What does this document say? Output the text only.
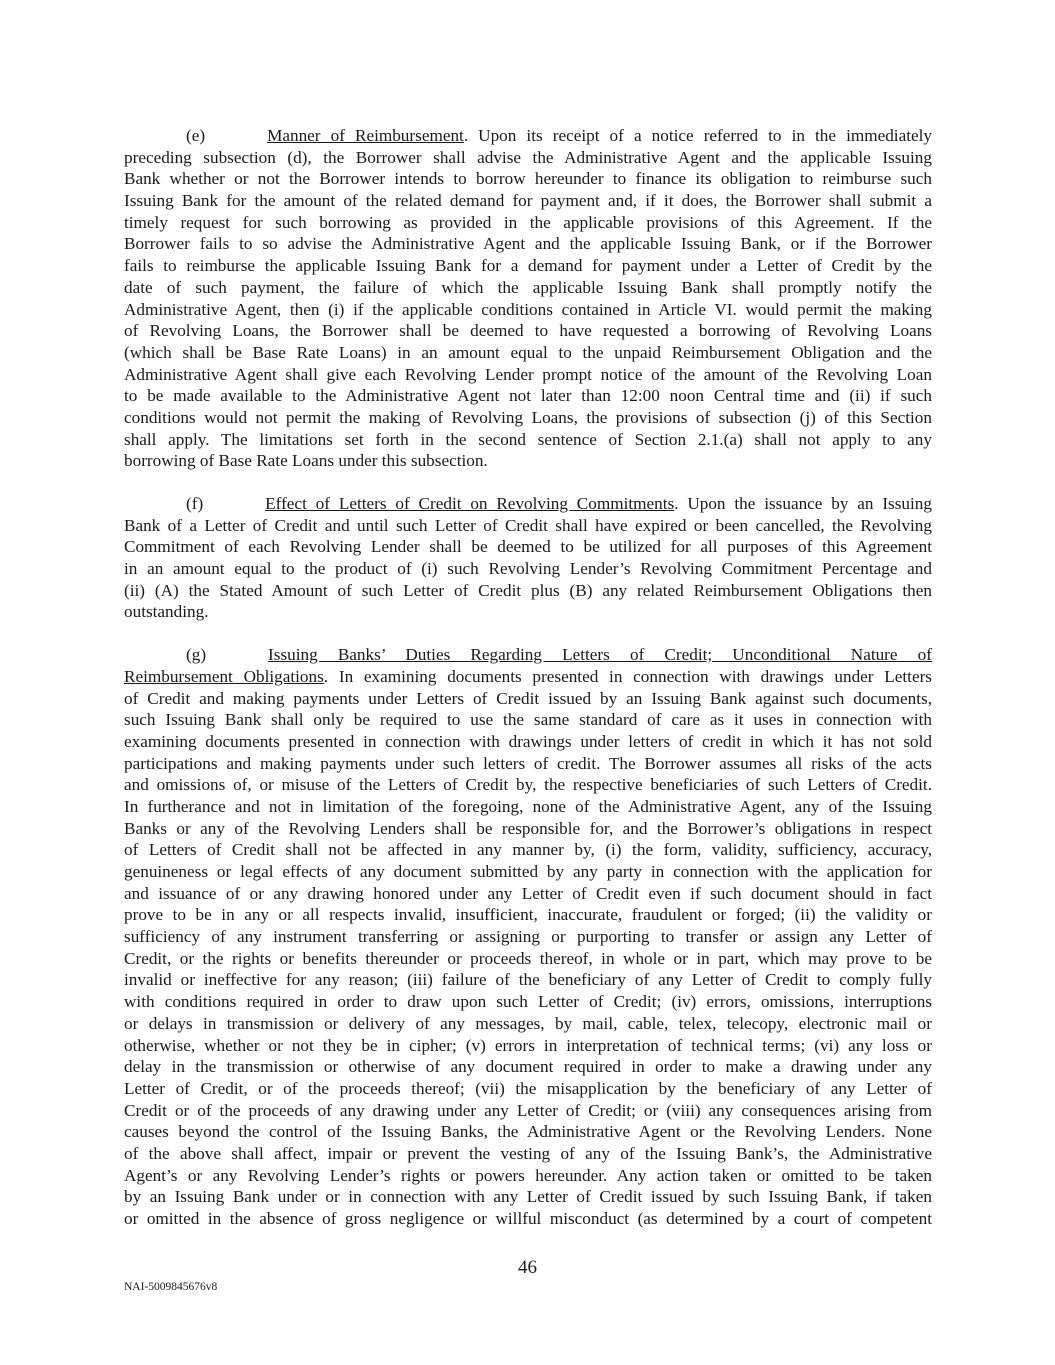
(e)	Manner of Reimbursement. Upon its receipt of a notice referred to in the immediately
preceding subsection (d), the Borrower shall advise the Administrative Agent and the applicable Issuing
Bank whether or not the Borrower intends to borrow hereunder to finance its obligation to reimburse such
Issuing Bank for the amount of the related demand for payment and, if it does, the Borrower shall submit a
timely request for such borrowing as provided in the applicable provisions of this Agreement. If the
Borrower fails to so advise the Administrative Agent and the applicable Issuing Bank, or if the Borrower
fails to reimburse the applicable Issuing Bank for a demand for payment under a Letter of Credit by the
date of such payment, the failure of which the applicable Issuing Bank shall promptly notify the
Administrative Agent, then (i) if the applicable conditions contained in Article VI. would permit the making
of Revolving Loans, the Borrower shall be deemed to have requested a borrowing of Revolving Loans
(which shall be Base Rate Loans) in an amount equal to the unpaid Reimbursement Obligation and the
Administrative Agent shall give each Revolving Lender prompt notice of the amount of the Revolving Loan
to be made available to the Administrative Agent not later than 12:00 noon Central time and (ii) if such
conditions would not permit the making of Revolving Loans, the provisions of subsection (j) of this Section
shall apply. The limitations set forth in the second sentence of Section 2.1.(a) shall not apply to any
borrowing of Base Rate Loans under this subsection.
(f)	Effect of Letters of Credit on Revolving Commitments. Upon the issuance by an Issuing
Bank of a Letter of Credit and until such Letter of Credit shall have expired or been cancelled, the Revolving
Commitment of each Revolving Lender shall be deemed to be utilized for all purposes of this Agreement
in an amount equal to the product of (i) such Revolving Lender’s Revolving Commitment Percentage and
(ii) (A) the Stated Amount of such Letter of Credit plus (B) any related Reimbursement Obligations then
outstanding.
(g)	Issuing Banks’ Duties Regarding Letters of Credit; Unconditional Nature of
Reimbursement Obligations. In examining documents presented in connection with drawings under Letters
of Credit and making payments under Letters of Credit issued by an Issuing Bank against such documents,
such Issuing Bank shall only be required to use the same standard of care as it uses in connection with
examining documents presented in connection with drawings under letters of credit in which it has not sold
participations and making payments under such letters of credit. The Borrower assumes all risks of the acts
and omissions of, or misuse of the Letters of Credit by, the respective beneficiaries of such Letters of Credit.
In furtherance and not in limitation of the foregoing, none of the Administrative Agent, any of the Issuing
Banks or any of the Revolving Lenders shall be responsible for, and the Borrower’s obligations in respect
of Letters of Credit shall not be affected in any manner by, (i) the form, validity, sufficiency, accuracy,
genuineness or legal effects of any document submitted by any party in connection with the application for
and issuance of or any drawing honored under any Letter of Credit even if such document should in fact
prove to be in any or all respects invalid, insufficient, inaccurate, fraudulent or forged; (ii) the validity or
sufficiency of any instrument transferring or assigning or purporting to transfer or assign any Letter of
Credit, or the rights or benefits thereunder or proceeds thereof, in whole or in part, which may prove to be
invalid or ineffective for any reason; (iii) failure of the beneficiary of any Letter of Credit to comply fully
with conditions required in order to draw upon such Letter of Credit; (iv) errors, omissions, interruptions
or delays in transmission or delivery of any messages, by mail, cable, telex, telecopy, electronic mail or
otherwise, whether or not they be in cipher; (v) errors in interpretation of technical terms; (vi) any loss or
delay in the transmission or otherwise of any document required in order to make a drawing under any
Letter of Credit, or of the proceeds thereof; (vii) the misapplication by the beneficiary of any Letter of
Credit or of the proceeds of any drawing under any Letter of Credit; or (viii) any consequences arising from
causes beyond the control of the Issuing Banks, the Administrative Agent or the Revolving Lenders. None
of the above shall affect, impair or prevent the vesting of any of the Issuing Bank’s, the Administrative
Agent’s or any Revolving Lender’s rights or powers hereunder. Any action taken or omitted to be taken
by an Issuing Bank under or in connection with any Letter of Credit issued by such Issuing Bank, if taken
or omitted in the absence of gross negligence or willful misconduct (as determined by a court of competent
46
NAI-5009845676v8
